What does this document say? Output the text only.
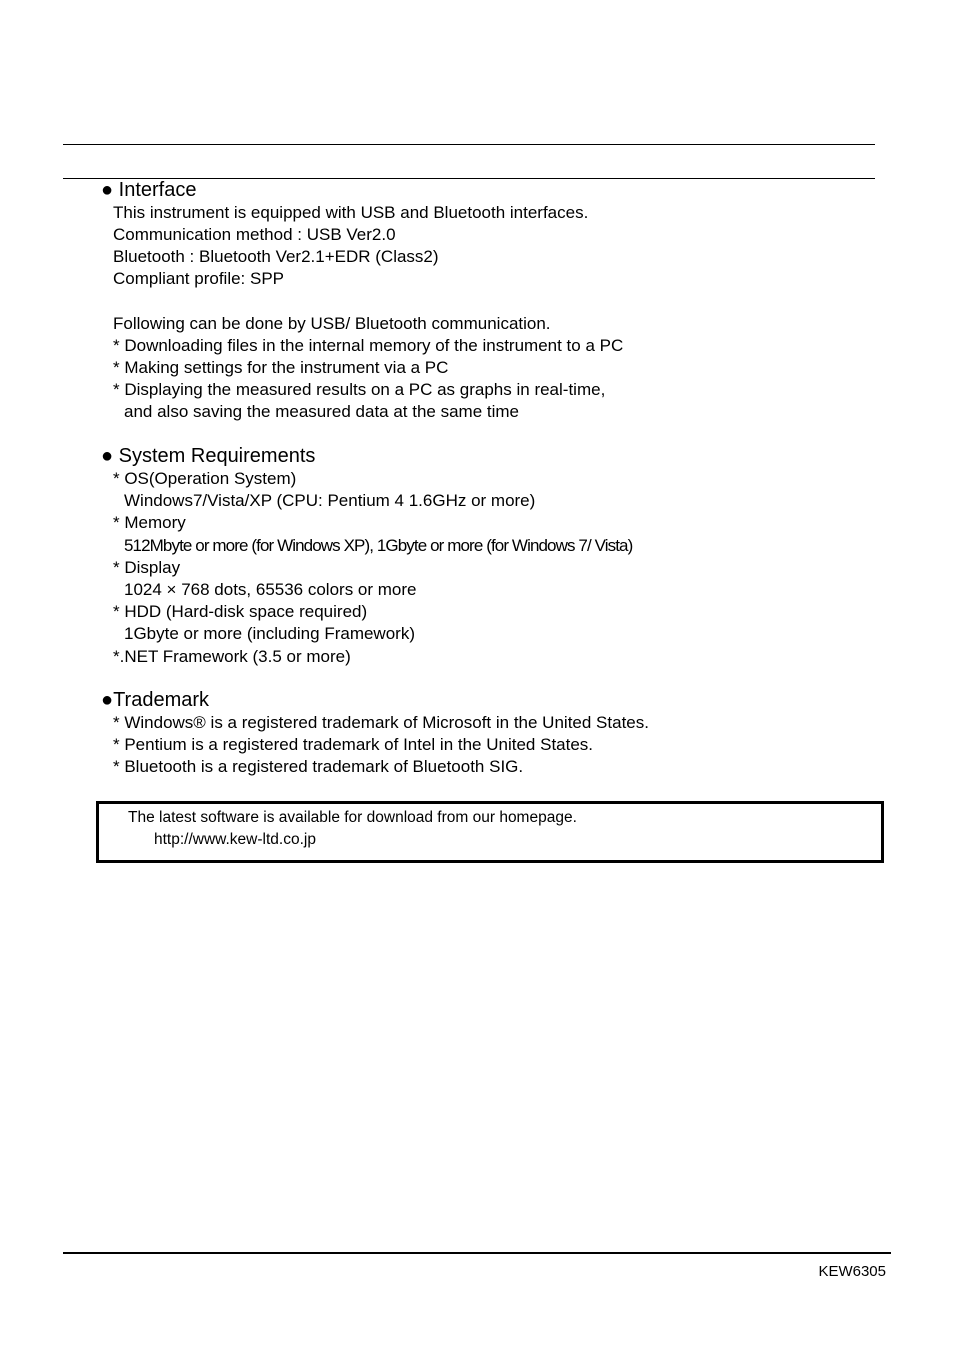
● Interface
This instrument is equipped with USB and Bluetooth interfaces.
Communication method : USB Ver2.0
Bluetooth : Bluetooth Ver2.1+EDR (Class2)
Compliant profile: SPP
Following can be done by USB/ Bluetooth communication.
* Downloading files in the internal memory of the instrument to a PC
* Making settings for the instrument via a PC
* Displaying the measured results on a PC as graphs in real-time,
and also saving the measured data at the same time
● System Requirements
* OS(Operation System)
Windows7/Vista/XP (CPU: Pentium 4 1.6GHz or more)
* Memory
512Mbyte or more (for Windows XP), 1Gbyte or more (for Windows 7/ Vista)
* Display
1024 × 768 dots, 65536 colors or more
* HDD (Hard-disk space required)
1Gbyte or more (including Framework)
*.NET Framework (3.5 or more)
●Trademark
* Windows® is a registered trademark of Microsoft in the United States.
* Pentium is a registered trademark of Intel in the United States.
* Bluetooth is a registered trademark of Bluetooth SIG.
The latest software is available for download from our homepage.
http://www.kew-ltd.co.jp
KEW6305
